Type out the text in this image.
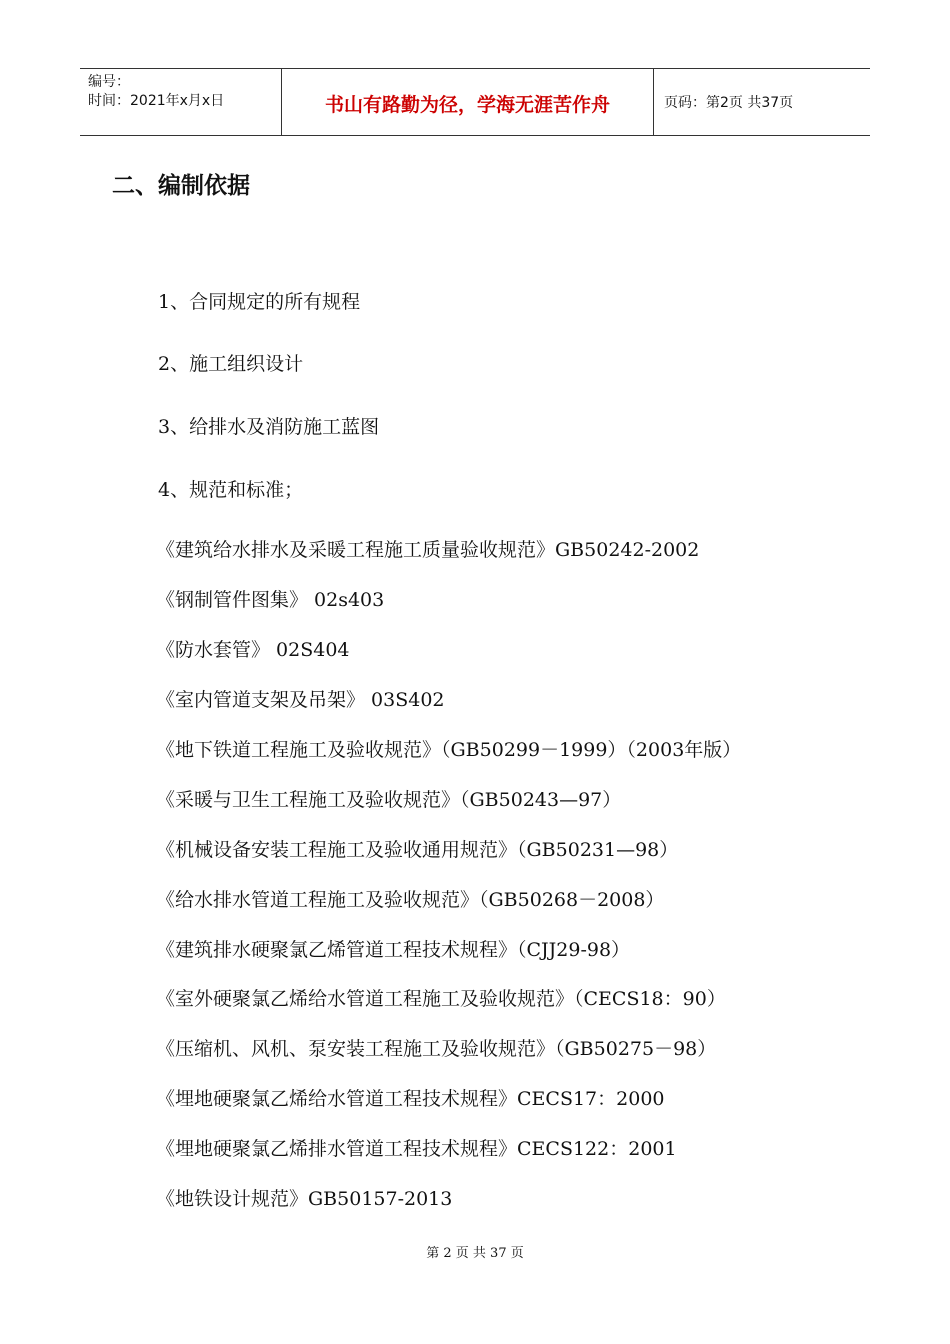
编号：
时间：2021年x月x日	书山有路勤为径，学海无涯苦作舟	页码：第2页 共37页
二、编制依据

1、合同规定的所有规程

2、施工组织设计

3、给排水及消防施工蓝图

4、规范和标准；

《建筑给水排水及采暖工程施工质量验收规范》GB50242-2002

《钢制管件图集》 02s403

《防水套管》 02S404

《室内管道支架及吊架》 03S402

《地下铁道工程施工及验收规范》（GB50299－1999）（2003年版）

《采暖与卫生工程施工及验收规范》（GB50243—97）

《机械设备安装工程施工及验收通用规范》（GB50231—98）

《给水排水管道工程施工及验收规范》（GB50268－2008）

《建筑排水硬聚氯乙烯管道工程技术规程》（CJJ29-98）

《室外硬聚氯乙烯给水管道工程施工及验收规范》（CECS18：90）

《压缩机、风机、泵安装工程施工及验收规范》（GB50275－98）

《埋地硬聚氯乙烯给水管道工程技术规程》CECS17：2000

《埋地硬聚氯乙烯排水管道工程技术规程》CECS122：2001

《地铁设计规范》GB50157-2013

第 2 页 共 37 页
